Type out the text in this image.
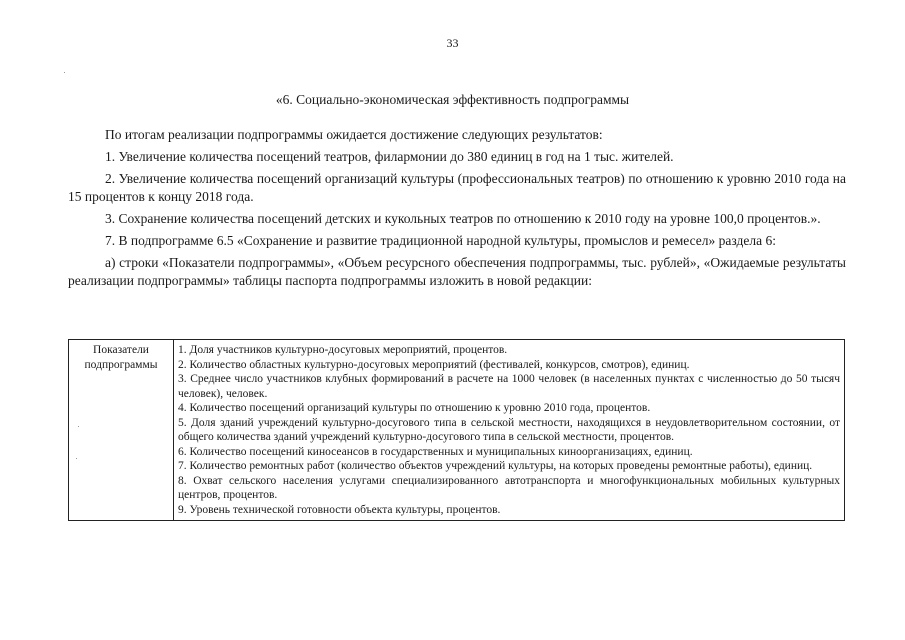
33
«6. Социально-экономическая эффективность подпрограммы

По итогам реализации подпрограммы ожидается достижение следующих результатов:

1. Увеличение количества посещений театров, филармонии до 380 единиц в год на 1 тыс. жителей.

2. Увеличение количества посещений организаций культуры (профессиональных театров) по отношению к уровню 2010 года на 15 процентов к концу 2018 года.

3. Сохранение количества посещений детских и кукольных театров по отношению к 2010 году на уровне 100,0 процентов.».

7. В подпрограмме 6.5 «Сохранение и развитие традиционной народной культуры, промыслов и ремесел» раздела 6:

а) строки «Показатели подпрограммы», «Объем ресурсного обеспечения подпрограммы, тыс. рублей», «Ожидаемые результаты реализации подпрограммы» таблицы паспорта подпрограммы изложить в новой редакции:

Показатели подпрограммы	
1. Доля участников культурно-досуговых мероприятий, процентов.
2. Количество областных культурно-досуговых мероприятий (фестивалей, конкурсов, смотров), единиц.
3. Среднее число участников клубных формирований в расчете на 1000 человек (в населенных пунктах с численностью до 50 тысяч человек), человек.
4. Количество посещений организаций культуры по отношению к уровню 2010 года, процентов.
5. Доля зданий учреждений культурно-досугового типа в сельской местности, находящихся в неудовлетворительном состоянии, от общего количества зданий учреждений культурно-досугового типа в сельской местности, процентов.
6. Количество посещений киносеансов в государственных и муниципальных киноорганизациях, единиц.
7. Количество ремонтных работ (количество объектов учреждений культуры, на которых проведены ремонтные работы), единиц.
8. Охват сельского населения услугами специализированного автотранспорта и многофункциональных мобильных культурных центров, процентов.
9. Уровень технической готовности объекта культуры, процентов.
